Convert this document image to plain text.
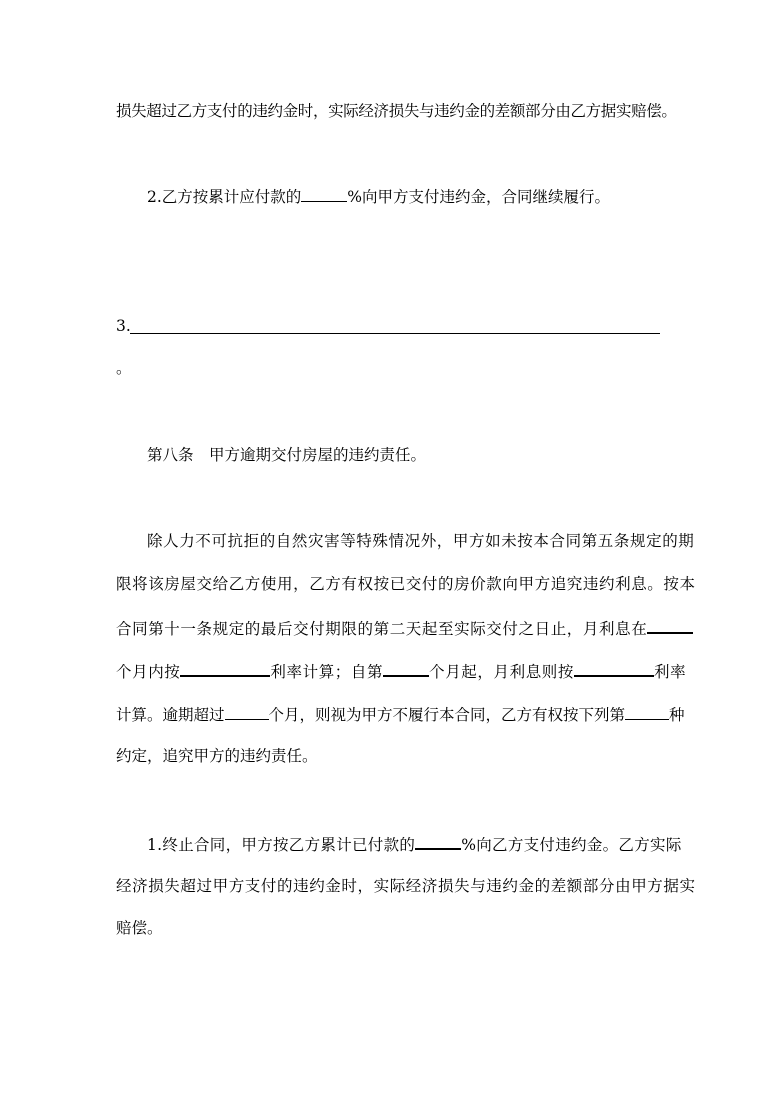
损失超过乙方支付的违约金时，实际经济损失与违约金的差额部分由乙方据实赔偿。

2.乙方按累计应付款的	%向甲方支付违约金，合同继续履行。

3.

。

第八条　甲方逾期交付房屋的违约责任。

除人力不可抗拒的自然灾害等特殊情况外，甲方如未按本合同第五条规定的期

限将该房屋交给乙方使用，乙方有权按已交付的房价款向甲方追究违约利息。按本

合同第十一条规定的最后交付期限的第二天起至实际交付之日止，月利息在

个月内按	利率计算；自第	个月起，月利息则按	利率

计算。逾期超过	个月，则视为甲方不履行本合同，乙方有权按下列第	种

约定，追究甲方的违约责任。

1.终止合同，甲方按乙方累计已付款的	%向乙方支付违约金。乙方实际

经济损失超过甲方支付的违约金时，实际经济损失与违约金的差额部分由甲方据实

赔偿。
